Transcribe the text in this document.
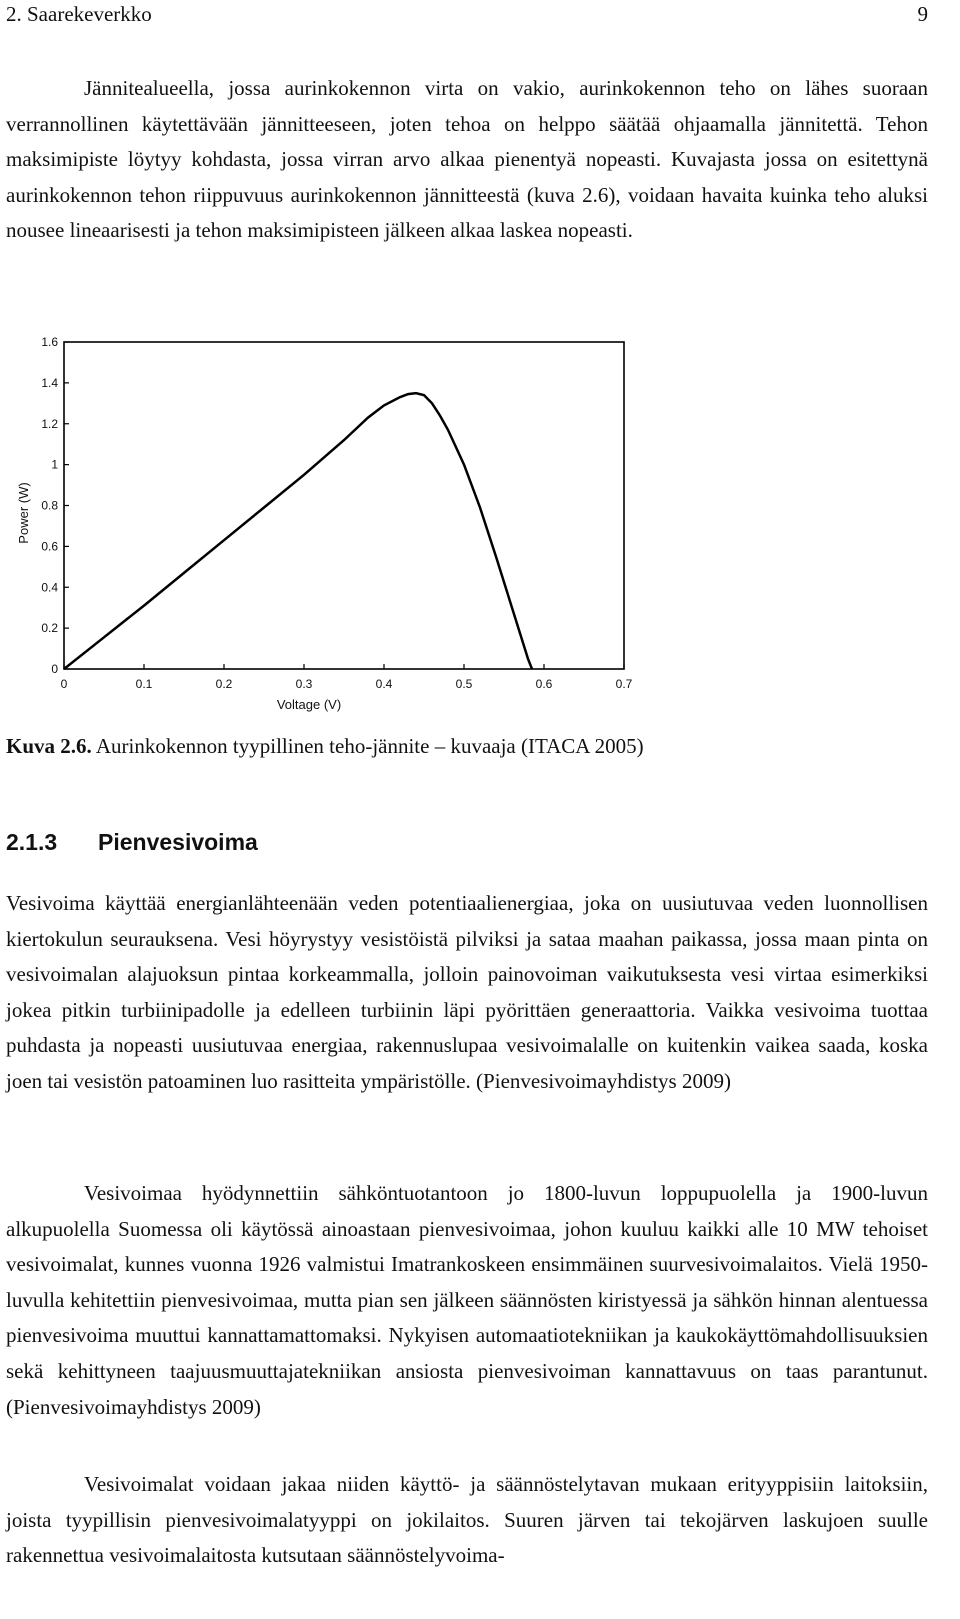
2. Saarekeverkko	9

Jännitealueella, jossa aurinkokennon virta on vakio, aurinkokennon teho on lähes suoraan verrannollinen käytettävään jännitteeseen, joten tehoa on helppo säätää ohjaamalla jännitettä. Tehon maksimipiste löytyy kohdasta, jossa virran arvo alkaa pienentyä nopeasti. Kuvajasta jossa on esitettynä aurinkokennon tehon riippuvuus aurinkokennon jännitteestä (kuva 2.6), voidaan havaita kuinka teho aluksi nousee lineaarisesti ja tehon maksimipisteen jälkeen alkaa laskea nopeasti.

0	0.1	0.2	0.3	0.4	0.5	0.6	0.7
0
0.2
0.4
0.6
0.8
1
1.2
1.4
1.6
Voltage (V)
Power (W)
Kuva 2.6. Aurinkokennon tyypillinen teho-jännite – kuvaaja (ITACA 2005)
2.1.3 Pienvesivoima

Vesivoima käyttää energianlähteenään veden potentiaalienergiaa, joka on uusiutuvaa veden luonnollisen kiertokulun seurauksena. Vesi höyrystyy vesistöistä pilviksi ja sataa maahan paikassa, jossa maan pinta on vesivoimalan alajuoksun pintaa korkeammalla, jolloin painovoiman vaikutuksesta vesi virtaa esimerkiksi jokea pitkin turbiinipadolle ja edelleen turbiinin läpi pyörittäen generaattoria. Vaikka vesivoima tuottaa puhdasta ja nopeasti uusiutuvaa energiaa, rakennuslupaa vesivoimalalle on kuitenkin vaikea saada, koska joen tai vesistön patoaminen luo rasitteita ympäristölle. (Pienvesivoimayhdistys 2009)

Vesivoimaa hyödynnettiin sähköntuotantoon jo 1800-luvun loppupuolella ja 1900-luvun alkupuolella Suomessa oli käytössä ainoastaan pienvesivoimaa, johon kuuluu kaikki alle 10 MW tehoiset vesivoimalat, kunnes vuonna 1926 valmistui Imatrankoskeen ensimmäinen suurvesivoimalaitos. Vielä 1950-luvulla kehitettiin pienvesivoimaa, mutta pian sen jälkeen säännösten kiristyessä ja sähkön hinnan alentuessa pienvesivoima muuttui kannattamattomaksi. Nykyisen automaatiotekniikan ja kaukokäyttömahdollisuuksien sekä kehittyneen taajuusmuuttajatekniikan ansiosta pienvesivoiman kannattavuus on taas parantunut. (Pienvesivoimayhdistys 2009)

Vesivoimalat voidaan jakaa niiden käyttö- ja säännöstelytavan mukaan erityyppisiin laitoksiin, joista tyypillisin pienvesivoimalatyyppi on jokilaitos. Suuren järven tai tekojärven laskujoen suulle rakennettua vesivoimalaitosta kutsutaan säännöstelyvoima-
